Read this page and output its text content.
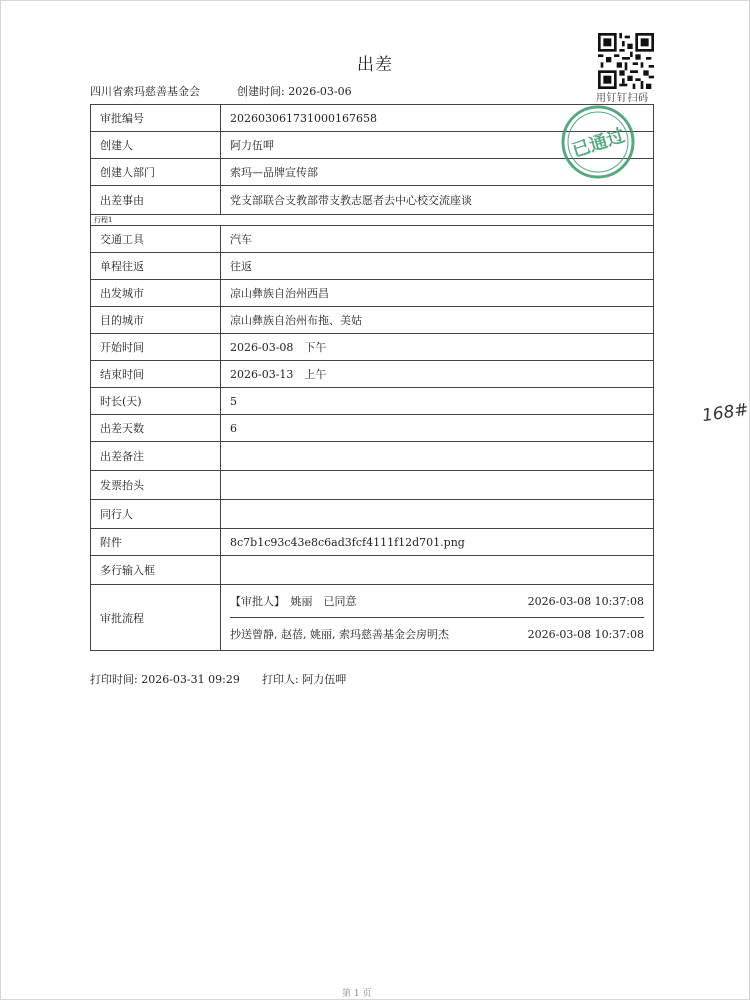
出差
四川省索玛慈善基金会	创建时间: 2026-03-06
用钉钉扫码
审批编号	202603061731000167658
创建人	阿力伍呷
创建人部门	索玛—品牌宣传部
出差事由	党支部联合支教部带支教志愿者去中心校交流座谈
行程1	
交通工具	汽车
单程往返	往返
出发城市	凉山彝族自治州西昌
目的城市	凉山彝族自治州布拖、美姑
开始时间	2026-03-08　下午
结束时间	2026-03-13　上午
时长(天)	5
出差天数	6
出差备注	
发票抬头	
同行人	
附件	8c7b1c93c43e8c6ad3fcf4111f12d701.png
多行输入框	
审批流程	【审批人】　姚丽　已同意 2026-03-08 10:37:08
抄送曾静, 赵蓓, 姚丽, 索玛慈善基金会房明杰 2026-03-08 10:37:08
已通过
168#
打印时间: 2026-03-31 09:29 打印人: 阿力伍呷
第 1 页
